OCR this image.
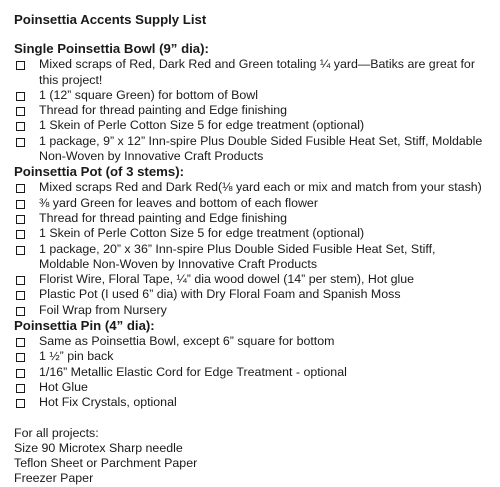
Poinsettia Accents Supply List
Single Poinsettia Bowl (9” dia):
Mixed scraps of Red, Dark Red and Green totaling ¼ yard—Batiks are great for this project!
1 (12” square Green) for bottom of Bowl
Thread for thread painting and Edge finishing
1 Skein of Perle Cotton Size 5 for edge treatment (optional)
1 package, 9” x 12” Inn-spire Plus Double Sided Fusible Heat Set, Stiff, Moldable Non-Woven by Innovative Craft Products
Poinsettia Pot (of 3 stems):
Mixed scraps Red and Dark Red(⅛ yard each or mix and match from your stash)
⅜ yard Green for leaves and bottom of each flower
Thread for thread painting and Edge finishing
1 Skein of Perle Cotton Size 5 for edge treatment (optional)
1 package, 20” x 36” Inn-spire Plus Double Sided Fusible Heat Set, Stiff, Moldable Non-Woven by Innovative Craft Products
Florist Wire, Floral Tape, ¼” dia wood dowel (14” per stem), Hot glue
Plastic Pot (I used 6” dia) with Dry Floral Foam and Spanish Moss
Foil Wrap from Nursery
Poinsettia Pin (4” dia):
Same as Poinsettia Bowl, except 6” square for bottom
1 ½” pin back
1/16” Metallic Elastic Cord for Edge Treatment - optional
Hot Glue
Hot Fix Crystals, optional
For all projects:
Size 90 Microtex Sharp needle
Teflon Sheet or Parchment Paper
Freezer Paper
